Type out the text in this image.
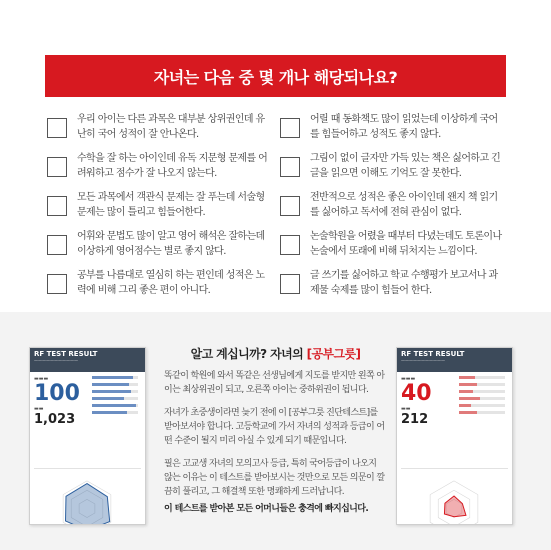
자녀는 다음 중 몇 개나 해당되나요?
우리 아이는 다른 과목은 대부분 상위권인데 유난히 국어 성적이 잘 안나온다.
수학을 잘 하는 아이인데 유독 지문형 문제를 어려워하고 점수가 잘 나오지 않는다.
모든 과목에서 객관식 문제는 잘 푸는데 서술형 문제는 많이 틀리고 힘들어한다.
어휘와 문법도 많이 알고 영어 해석은 잘하는데 이상하게 영어점수는 별로 좋지 않다.
공부를 나름대로 열심히 하는 편인데 성적은 노력에 비해 그리 좋은 편이 아니다.
어릴 때 동화책도 많이 읽었는데 이상하게 국어를 힘들어하고 성적도 좋지 않다.
그림이 없이 글자만 가득 있는 책은 싫어하고 긴 글을 읽으면 이해도 기억도 잘 못한다.
전반적으로 성적은 좋은 아이인데 왠지 책 읽기를 싫어하고 독서에 전혀 관심이 없다.
논술학원을 어렸을 때부터 다녔는데도 토론이나 논술에서 또래에 비해 뒤처지는 느낌이다.
글 쓰기를 싫어하고 학교 수행평가 보고서나 과제물 숙제를 많이 힘들어 한다.
RF TEST RESULT
———————————
▬▬▬
100
▬▬
1,023
알고 계십니까? 자녀의 [공부그릇]

똑같이 학원에 와서 똑같은 선생님에게 지도를 받지만 왼쪽 아이는 최상위권이 되고, 오른쪽 아이는 중하위권이 됩니다.

자녀가 초중생이라면 늦기 전에 이 [공부그릇 진단테스트]를 받아보셔야 합니다. 고등학교에 가서 자녀의 성적과 등급이 어떤 수준이 될지 미리 아실 수 있게 되기 때문입니다.

필은 고교생 자녀의 모의고사 등급, 특히 국어등급이 나오지 않는 이유는 이 테스트를 받아보시는 것만으로 모든 의문이 깔끔히 풀리고, 그 해결책 또한 명쾌하게 드러납니다.

이 테스트를 받아본 모든 어머니들은 충격에 빠지십니다.

RF TEST RESULT
———————————
▬▬▬
40
▬▬
212
